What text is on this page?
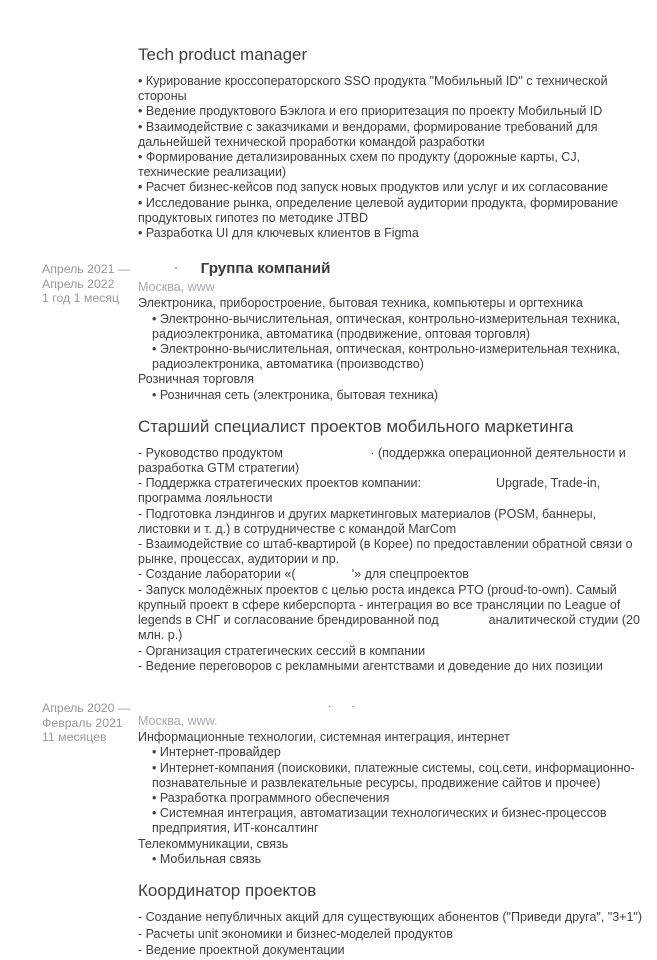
Tech product manager
• Курирование кроссоператорского SSO продукта "Мобильный ID" с технической стороны
• Ведение продуктового Бэклога и его приоритезация по проекту Мобильный ID
• Взаимодействие с заказчиками и вендорами, формирование требований для дальнейшей технической проработки командой разработки
• Формирование детализированных схем по продукту (дорожные карты, CJ, технические реализации)
• Расчет бизнес-кейсов под запуск новых продуктов или услуг и их согласование
• Исследование рынка, определение целевой аудитории продукта, формирование продуктовых гипотез по методике JTBD
• Разработка UI для ключевых клиентов в Figma
Апрель 2021 —
Апрель 2022
1 год 1 месяц
- Группа компаний
Москва, www
Электроника, приборостроение, бытовая техника, компьютеры и оргтехника
• Электронно-вычислительная, оптическая, контрольно-измерительная техника, радиоэлектроника, автоматика (продвижение, оптовая торговля)
• Электронно-вычислительная, оптическая, контрольно-измерительная техника, радиоэлектроника, автоматика (производство)
Розничная торговля
• Розничная сеть (электроника, бытовая техника)
Старший специалист проектов мобильного маркетинга
- Руководство продуктом              · (поддержка операционной деятельности и разработка GTM стратегии)
- Поддержка стратегических проектов компании:            Upgrade, Trade-in, программа лояльности
- Подготовка лэндингов и других маркетинговых материалов (POSM, баннеры, листовки и т. д.) в сотрудничестве с командой MarCom
- Взаимодействие со штаб-квартирой (в Корее) по предоставлении обратной связи о рынке, процессах, аудитории и пр.
- Создание лаборатории «(         '» для спецпроектов
- Запуск молодёжных проектов с целью роста индекса PTO (proud-to-own). Самый крупный проект в сфере киберспорта - интеграция во все трансляции по League of legends в СНГ и согласование брендированной под        аналитической студии (20 млн. р.)
- Организация стратегических сессий в компании
- Ведение переговоров с рекламными агентствами и доведение до них позиции
Апрель 2020 —
Февраль 2021
11 месяцев
·    ·
Москва, www.
Информационные технологии, системная интеграция, интернет
• Интернет-провайдер
• Интернет-компания (поисковики, платежные системы, соц.сети, информационно-познавательные и развлекательные ресурсы, продвижение сайтов и прочее)
• Разработка программного обеспечения
• Системная интеграция, автоматизации технологических и бизнес-процессов предприятия, ИТ-консалтинг
Телекоммуникации, связь
• Мобильная связь
Координатор проектов
- Создание непубличных акций для существующих абонентов ("Приведи друга", "3+1")
- Расчеты unit экономики и бизнес-моделей продуктов
- Ведение проектной документации
